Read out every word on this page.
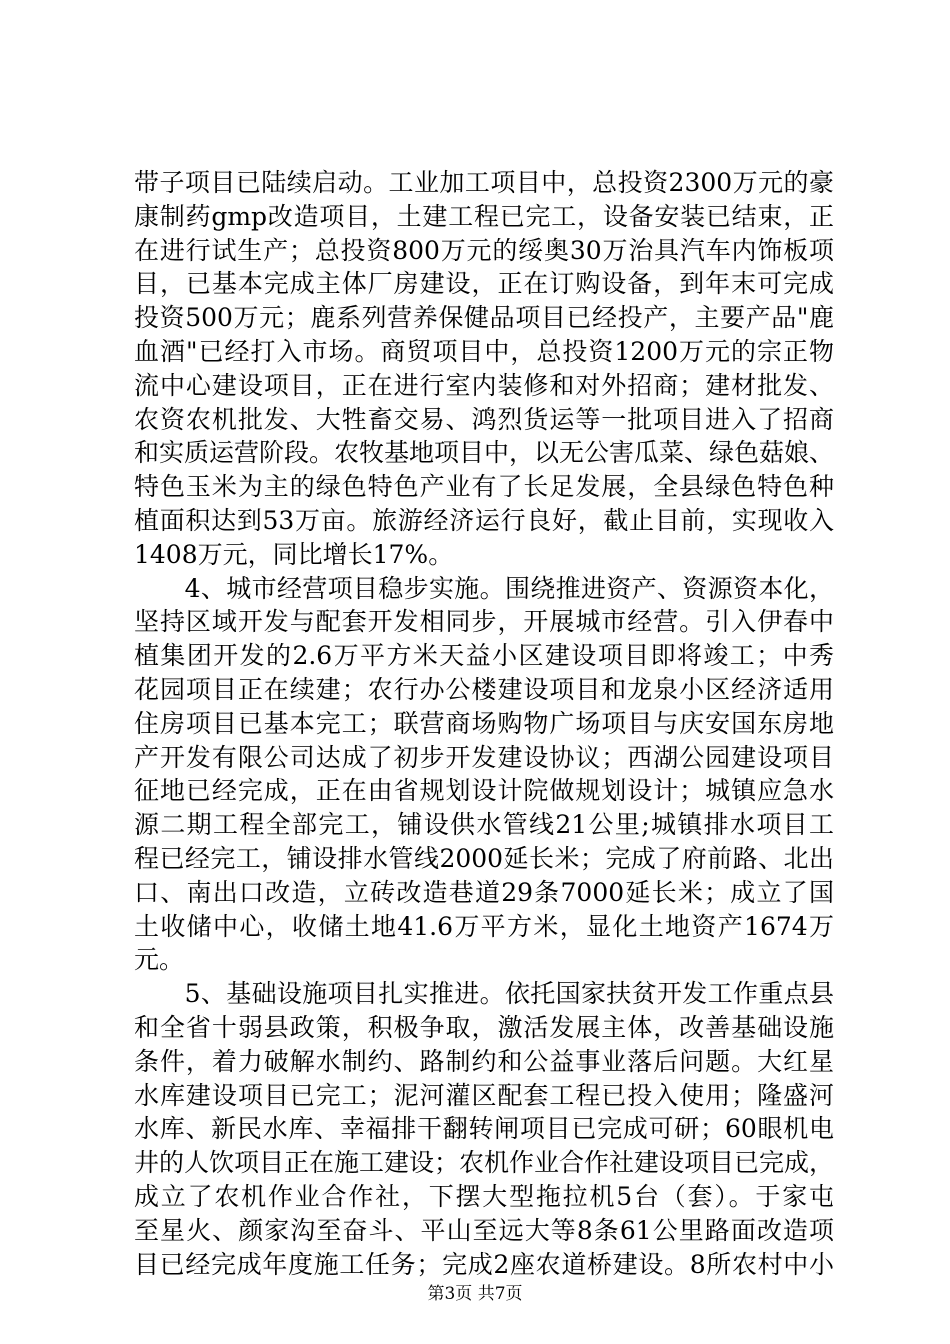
带子项目已陆续启动。工业加工项目中，总投资2300万元的豪
康制药gmp改造项目，土建工程已完工，设备安装已结束，正
在进行试生产；总投资800万元的绥奥30万治具汽车内饰板项
目，已基本完成主体厂房建设，正在订购设备，到年末可完成
投资500万元；鹿系列营养保健品项目已经投产，主要产品"鹿
血酒"已经打入市场。商贸项目中，总投资1200万元的宗正物
流中心建设项目，正在进行室内装修和对外招商；建材批发、
农资农机批发、大牲畜交易、鸿烈货运等一批项目进入了招商
和实质运营阶段。农牧基地项目中，以无公害瓜菜、绿色菇娘、
特色玉米为主的绿色特色产业有了长足发展，全县绿色特色种
植面积达到53万亩。旅游经济运行良好，截止目前，实现收入
1408万元，同比增长17%。
　　4、城市经营项目稳步实施。围绕推进资产、资源资本化，
坚持区域开发与配套开发相同步，开展城市经营。引入伊春中
植集团开发的2.6万平方米天益小区建设项目即将竣工；中秀
花园项目正在续建；农行办公楼建设项目和龙泉小区经济适用
住房项目已基本完工；联营商场购物广场项目与庆安国东房地
产开发有限公司达成了初步开发建设协议；西湖公园建设项目
征地已经完成，正在由省规划设计院做规划设计；城镇应急水
源二期工程全部完工，铺设供水管线21公里;城镇排水项目工
程已经完工，铺设排水管线2000延长米；完成了府前路、北出
口、南出口改造，立砖改造巷道29条7000延长米；成立了国
土收储中心，收储土地41.6万平方米，显化土地资产1674万
元。
　　5、基础设施项目扎实推进。依托国家扶贫开发工作重点县
和全省十弱县政策，积极争取，激活发展主体，改善基础设施
条件，着力破解水制约、路制约和公益事业落后问题。大红星
水库建设项目已完工；泥河灌区配套工程已投入使用；隆盛河
水库、新民水库、幸福排干翻转闸项目已完成可研；60眼机电
井的人饮项目正在施工建设；农机作业合作社建设项目已完成，
成立了农机作业合作社，下摆大型拖拉机5台（套）。于家屯
至星火、颜家沟至奋斗、平山至远大等8条61公里路面改造项
目已经完成年度施工任务；完成2座农道桥建设。8所农村中小
第3页 共7页
